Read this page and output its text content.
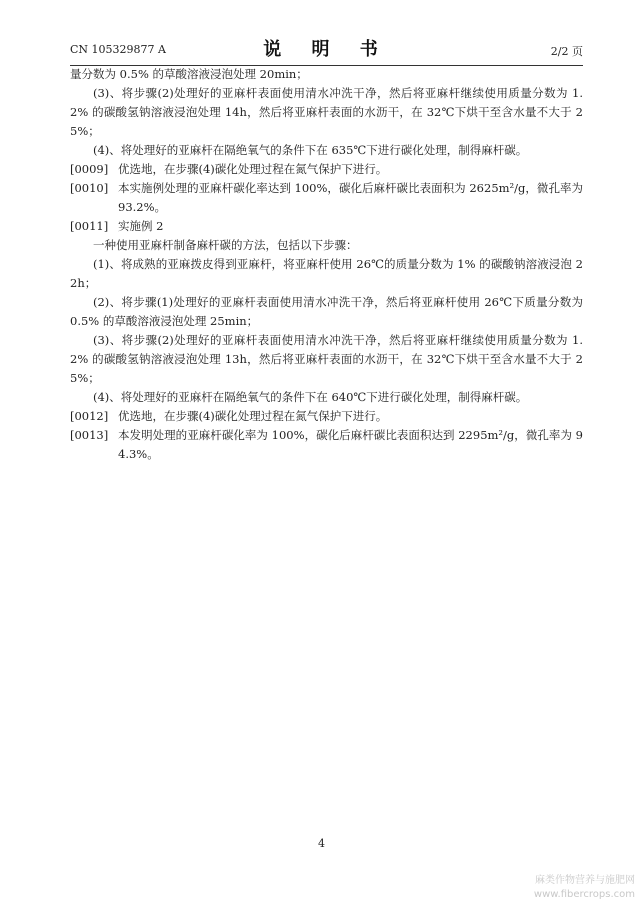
CN 105329877 A	说 明 书	2/2 页
量分数为 0.5% 的草酸溶液浸泡处理 20min；
(3)、将步骤(2)处理好的亚麻杆表面使用清水冲洗干净，然后将亚麻杆继续使用质量分数为 1.2% 的碳酸氢钠溶液浸泡处理 14h，然后将亚麻杆表面的水沥干，在 32℃下烘干至含水量不大于 25%；
(4)、将处理好的亚麻杆在隔绝氧气的条件下在 635℃下进行碳化处理，制得麻杆碳。
[0009] 优选地，在步骤(4)碳化处理过程在氮气保护下进行。
[0010] 本实施例处理的亚麻杆碳化率达到 100%，碳化后麻杆碳比表面积为 2625m²/g，微孔率为 93.2%。
[0011] 实施例 2
一种使用亚麻杆制备麻杆碳的方法，包括以下步骤：
(1)、将成熟的亚麻拨皮得到亚麻杆，将亚麻杆使用 26℃的质量分数为 1% 的碳酸钠溶液浸泡 22h；
(2)、将步骤(1)处理好的亚麻杆表面使用清水冲洗干净，然后将亚麻杆使用 26℃下质量分数为 0.5% 的草酸溶液浸泡处理 25min；
(3)、将步骤(2)处理好的亚麻杆表面使用清水冲洗干净，然后将亚麻杆继续使用质量分数为 1.2% 的碳酸氢钠溶液浸泡处理 13h，然后将亚麻杆表面的水沥干，在 32℃下烘干至含水量不大于 25%；
(4)、将处理好的亚麻杆在隔绝氧气的条件下在 640℃下进行碳化处理，制得麻杆碳。
[0012] 优选地，在步骤(4)碳化处理过程在氮气保护下进行。
[0013] 本发明处理的亚麻杆碳化率为 100%，碳化后麻杆碳比表面积达到 2295m²/g，微孔率为 94.3%。
4
麻类作物营养与施肥网
www.fibercrops.com
